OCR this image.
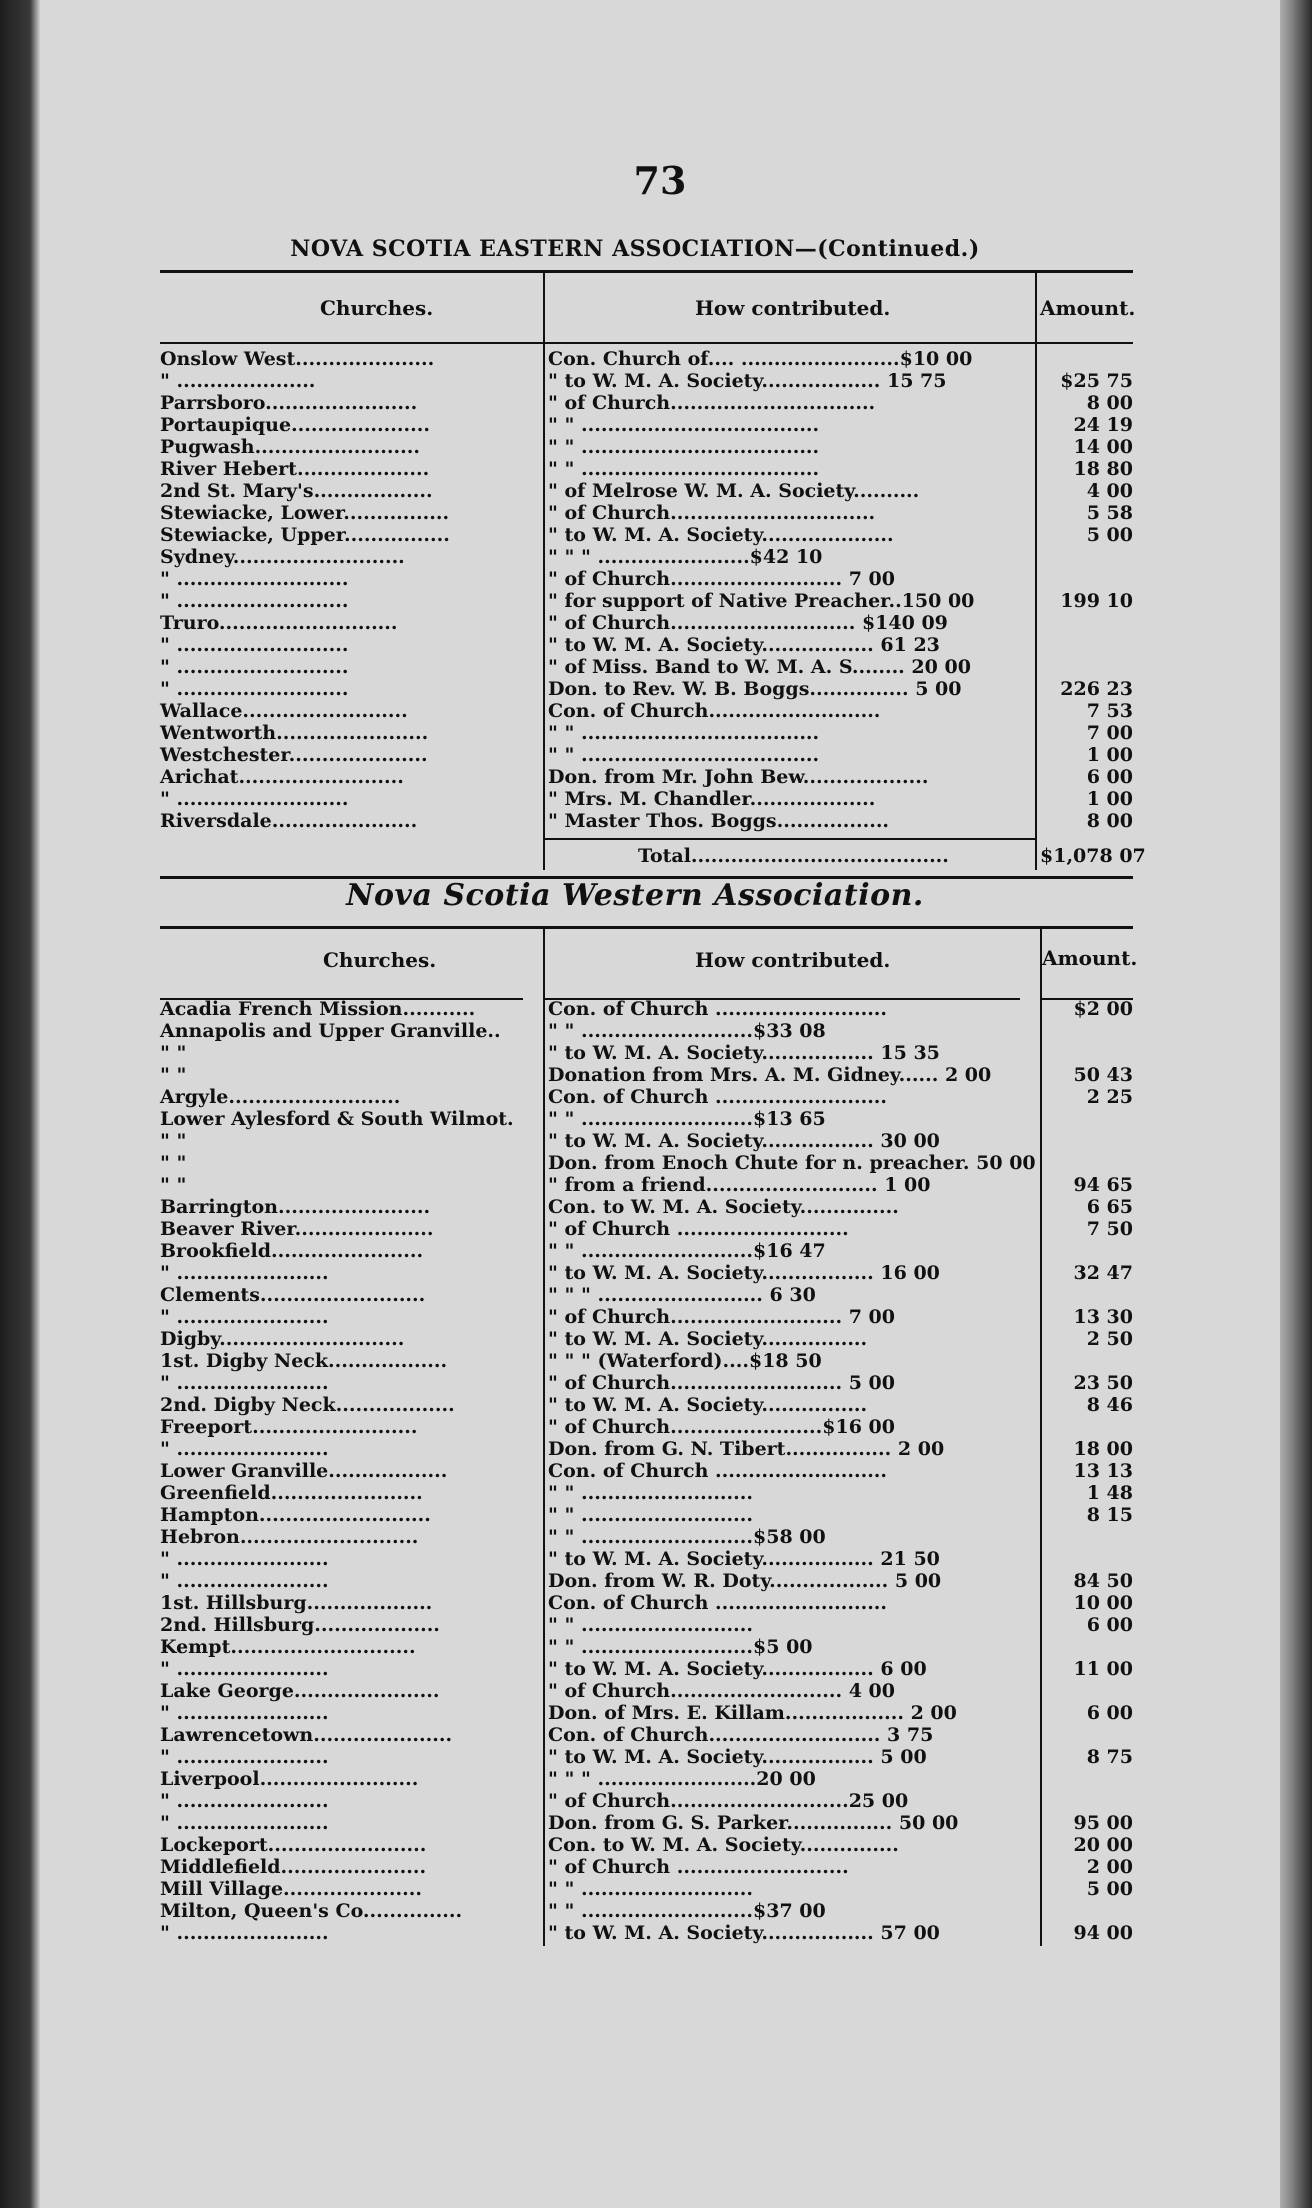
73
NOVA SCOTIA EASTERN ASSOCIATION—(Continued.)
Churches.	How contributed.	Amount.
Onslow West.....................	Con. Church of.... ........................$10 00
" .....................	" to W. M. A. Society.................. 15 75	$25 75
Parrsboro.......................	" of Church...............................	8 00
Portaupique.....................	" " ....................................	24 19
Pugwash.........................	" " ....................................	14 00
River Hebert....................	" " ....................................	18 80
2nd St. Mary's..................	" of Melrose W. M. A. Society..........	4 00
Stewiacke, Lower................	" of Church...............................	5 58
Stewiacke, Upper................	" to W. M. A. Society....................	5 00
Sydney..........................	" " " .......................$42 10
" ..........................	" of Church.......................... 7 00
" ..........................	" for support of Native Preacher..150 00	199 10
Truro...........................	" of Church............................ $140 09
" ..........................	" to W. M. A. Society................. 61 23
" ..........................	" of Miss. Band to W. M. A. S........ 20 00
" ..........................	Don. to Rev. W. B. Boggs............... 5 00	226 23
Wallace.........................	Con. of Church..........................	7 53
Wentworth.......................	" " ....................................	7 00
Westchester.....................	" " ....................................	1 00
Arichat.........................	Don. from Mr. John Bew...................	6 00
" ..........................	" Mrs. M. Chandler...................	1 00
Riversdale......................	" Master Thos. Boggs.................	8 00
Total.......................................	$1,078 07
Nova Scotia Western Association.
Churches.	How contributed.	Amount.
Acadia French Mission...........	Con. of Church ..........................	$2 00
Annapolis and Upper Granville..	" " ..........................$33 08
" "	" to W. M. A. Society................. 15 35
" "	Donation from Mrs. A. M. Gidney...... 2 00	50 43
Argyle..........................	Con. of Church ..........................	2 25
Lower Aylesford & South Wilmot.	" " ..........................$13 65
" "	" to W. M. A. Society................. 30 00
" "	Don. from Enoch Chute for n. preacher. 50 00
" "	" from a friend.......................... 1 00	94 65
Barrington.......................	Con. to W. M. A. Society...............	6 65
Beaver River.....................	" of Church ..........................	7 50
Brookfield.......................	" " ..........................$16 47
" .......................	" to W. M. A. Society................. 16 00	32 47
Clements.........................	" " " ......................... 6 30
" .......................	" of Church.......................... 7 00	13 30
Digby............................	" to W. M. A. Society................	2 50
1st. Digby Neck..................	" " " (Waterford)....$18 50
" .......................	" of Church.......................... 5 00	23 50
2nd. Digby Neck..................	" to W. M. A. Society................	8 46
Freeport.........................	" of Church.......................$16 00
" .......................	Don. from G. N. Tibert................ 2 00	18 00
Lower Granville..................	Con. of Church ..........................	13 13
Greenfield.......................	" " ..........................	1 48
Hampton..........................	" " ..........................	8 15
Hebron...........................	" " ..........................$58 00
" .......................	" to W. M. A. Society................. 21 50
" .......................	Don. from W. R. Doty.................. 5 00	84 50
1st. Hillsburg...................	Con. of Church ..........................	10 00
2nd. Hillsburg...................	" " ..........................	6 00
Kempt............................	" " ..........................$5 00
" .......................	" to W. M. A. Society................. 6 00	11 00
Lake George......................	" of Church.......................... 4 00
" .......................	Don. of Mrs. E. Killam.................. 2 00	6 00
Lawrencetown.....................	Con. of Church.......................... 3 75
" .......................	" to W. M. A. Society................. 5 00	8 75
Liverpool........................	" " " ........................20 00
" .......................	" of Church...........................25 00
" .......................	Don. from G. S. Parker................ 50 00	95 00
Lockeport........................	Con. to W. M. A. Society...............	20 00
Middlefield......................	" of Church ..........................	2 00
Mill Village.....................	" " ..........................	5 00
Milton, Queen's Co...............	" " ..........................$37 00
" .......................	" to W. M. A. Society................. 57 00	94 00
